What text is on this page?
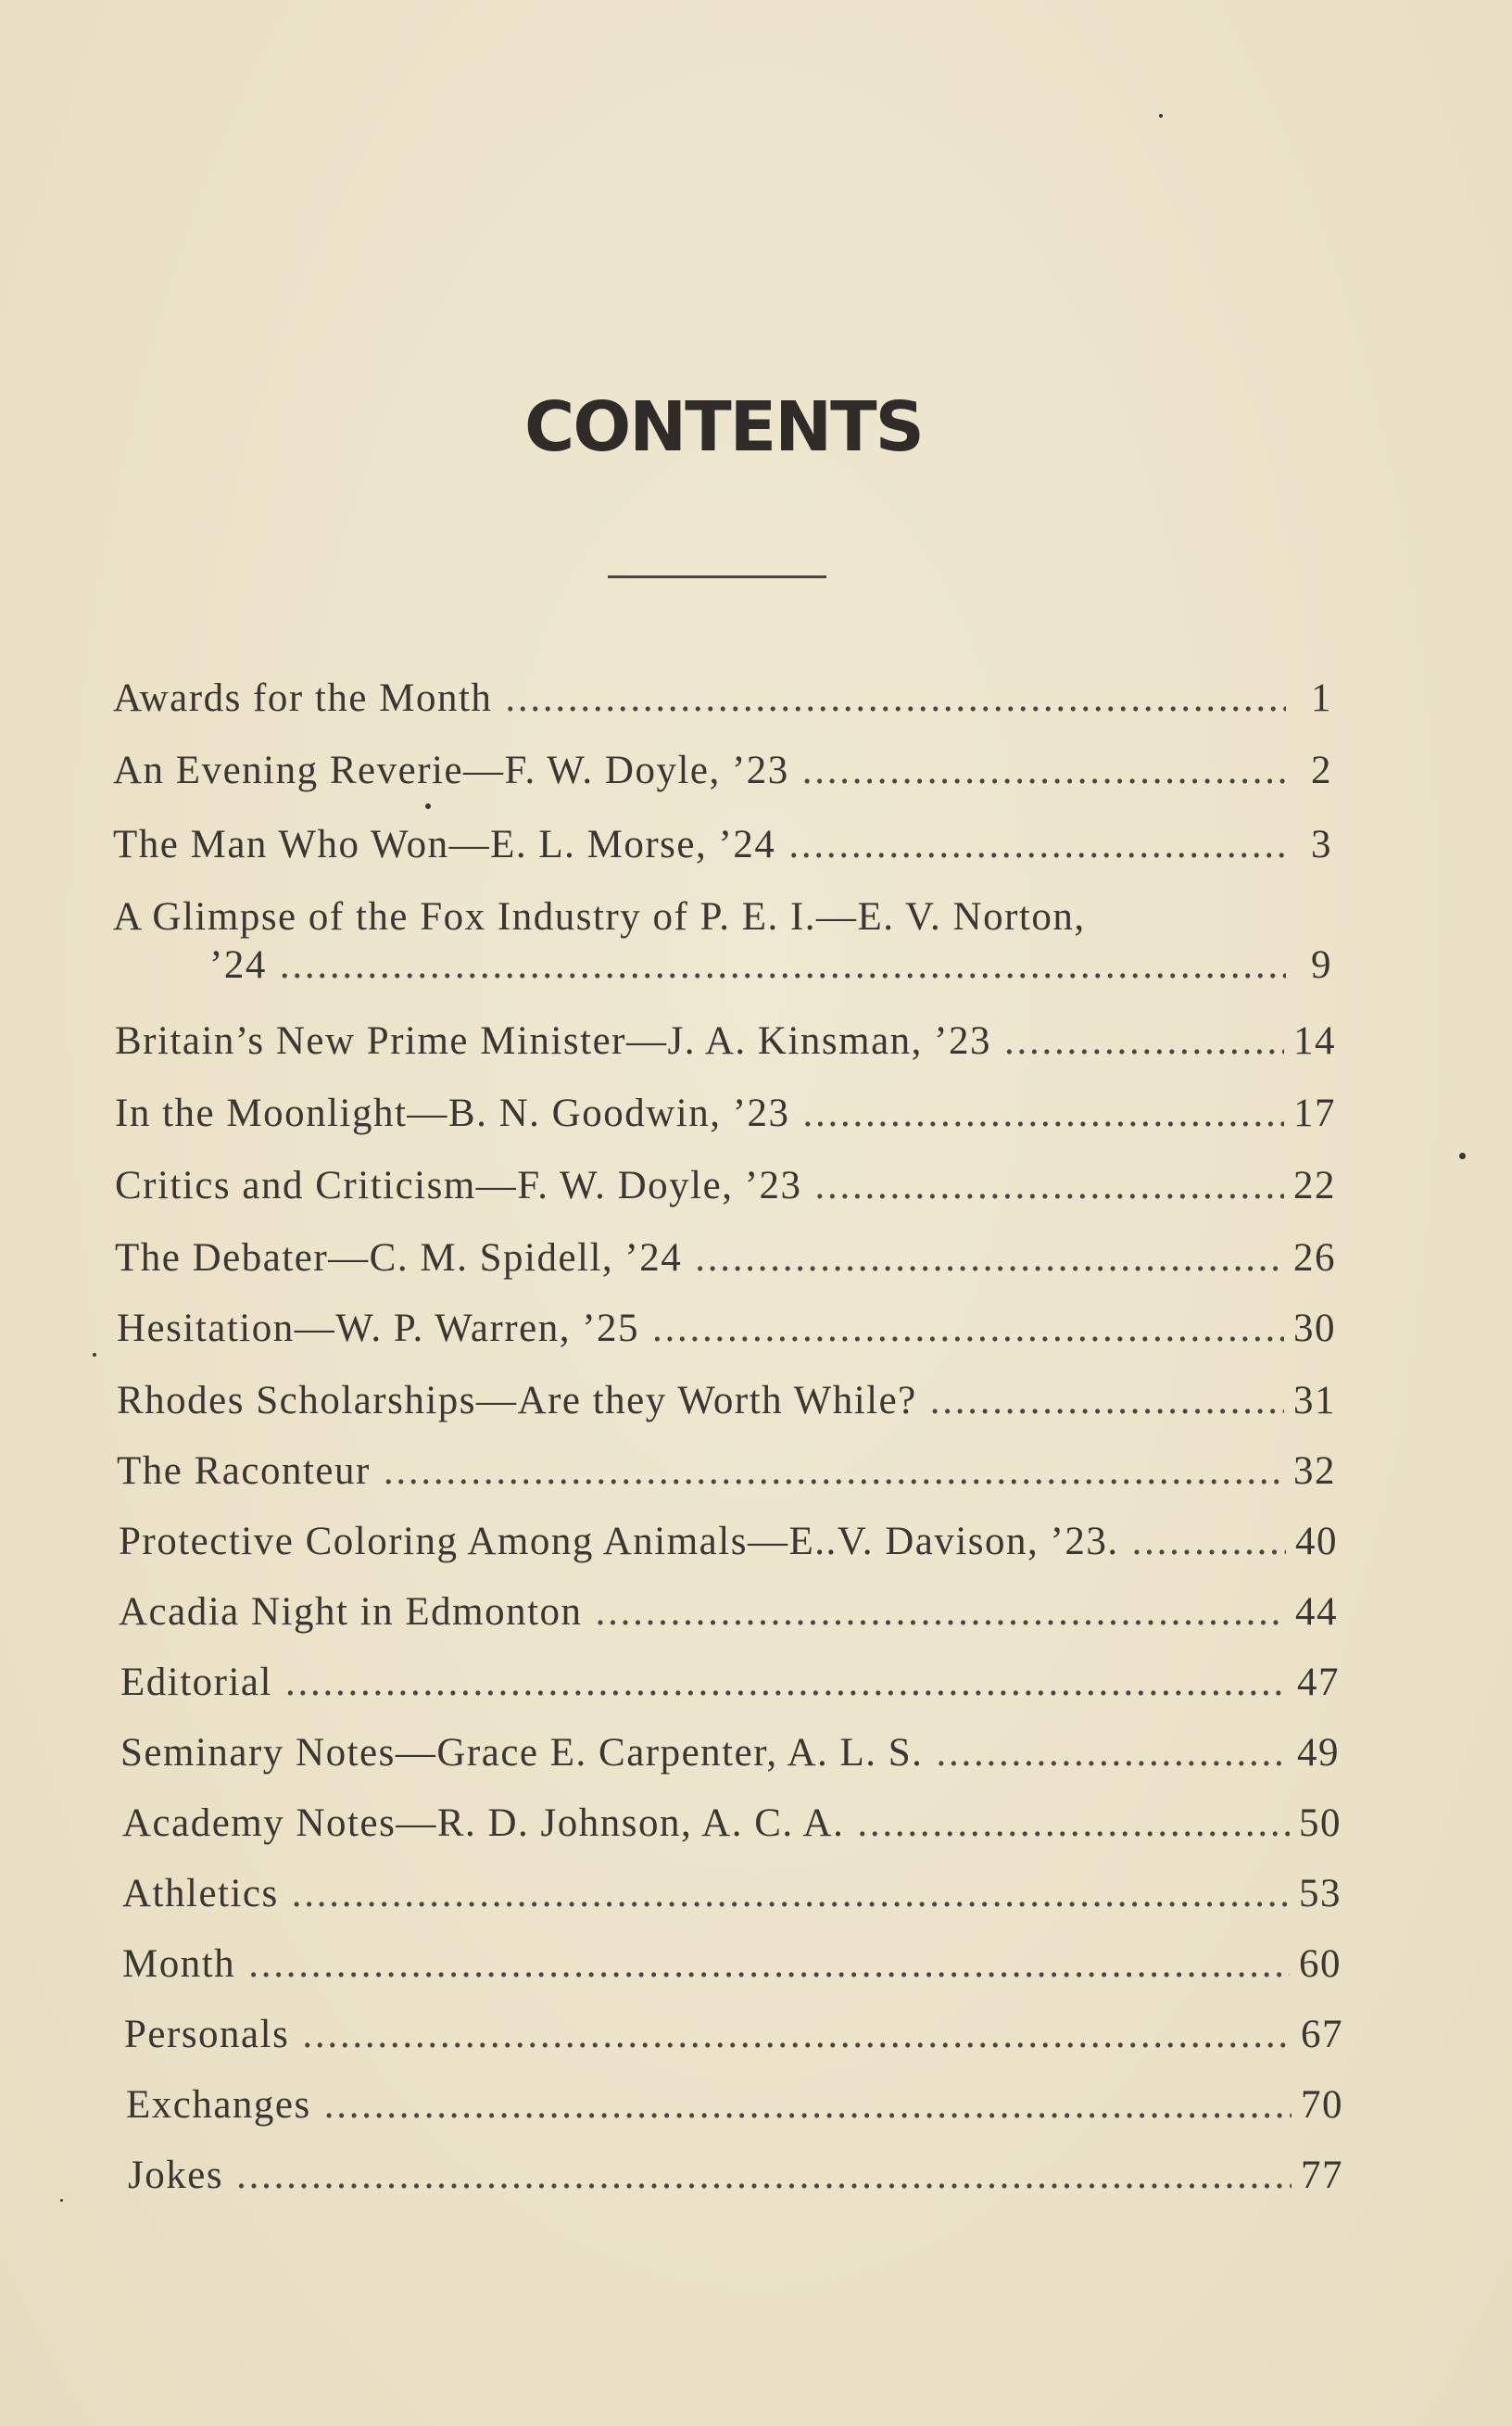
CONTENTS
Awards for the Month . . .	1
An Evening Reverie—F. W. Doyle, ’23 . . .	2
The Man Who Won—E. L. Morse, ’24 . . .	3
A Glimpse of the Fox Industry of P. E. I.—E. V. Norton,
’24 . . .	9
Britain’s New Prime Minister—J. A. Kinsman, ’23 . . .	14
In the Moonlight—B. N. Goodwin, ’23 . . .	17
Critics and Criticism—F. W. Doyle, ’23 . . .	22
The Debater—C. M. Spidell, ’24 . . .	26
Hesitation—W. P. Warren, ’25 . . .	30
Rhodes Scholarships—Are they Worth While? . . .	31
The Raconteur . . .	32
Protective Coloring Among Animals—E..V. Davison, ’23. . . .	40
Acadia Night in Edmonton . . .	44
Editorial . . .	47
Seminary Notes—Grace E. Carpenter, A. L. S. . . .	49
Academy Notes—R. D. Johnson, A. C. A. . . .	50
Athletics . . .	53
Month . . .	60
Personals . . .	67
Exchanges . . .	70
Jokes . . .	77
